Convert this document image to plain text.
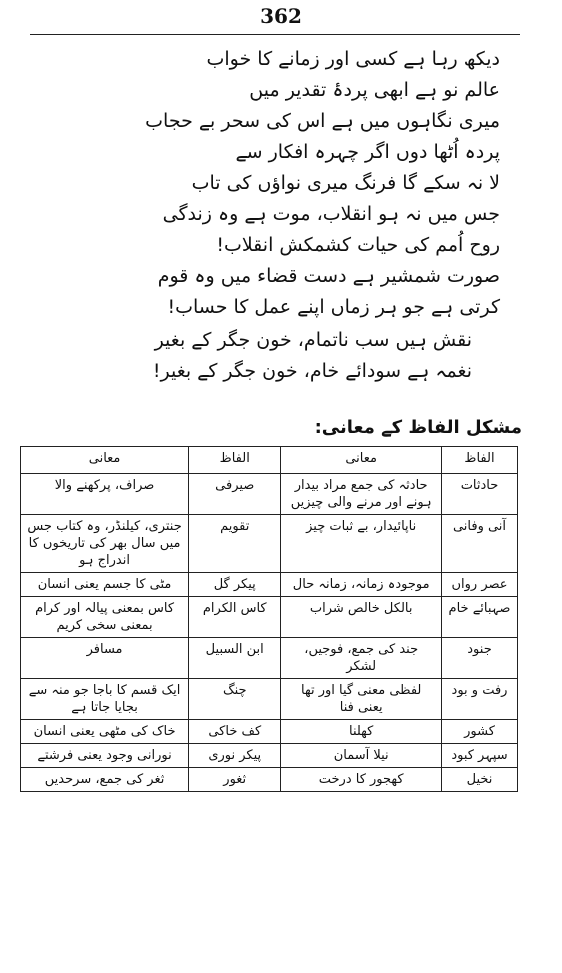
362
دیکھ رہا ہے کسی اور زمانے کا خواب
عالم نو ہے ابھی پردۂ تقدیر میں
میری نگاہوں میں ہے اس کی سحر بے حجاب
پردہ اُٹھا دوں اگر چہرہ افکار سے
لا نہ سکے گا فرنگ میری نواؤں کی تاب
جس میں نہ ہو انقلاب، موت ہے وہ زندگی
روح اُمم کی حیات کشمکش انقلاب!
صورت شمشیر ہے دست قضاء میں وہ قوم
کرتی ہے جو ہر زماں اپنے عمل کا حساب!
نقش ہیں سب ناتمام، خون جگر کے بغیر
نغمہ ہے سودائے خام، خون جگر کے بغیر!
مشکل الفاظ کے معانی:
الفاظ	معانی	الفاظ	معانی
حادثات	حادثہ کی جمع مراد بیدار ہونے اور مرنے والی چیزیں	صیرفی	صراف، پرکھنے والا
آنی وفانی	ناپائیدار، بے ثبات چیز	تقویم	جنتری، کیلنڈر، وہ کتاب جس میں سال بھر کی تاریخوں کا اندراج ہو
عصر رواں	موجودہ زمانہ، زمانہ حال	پیکر گل	مٹی کا جسم یعنی انسان
صہبائے خام	بالکل خالص شراب	کاس الکرام	کاس بمعنی پیالہ اور کرام بمعنی سخی کریم
جنود	جند کی جمع، فوجیں، لشکر	ابن السبیل	مسافر
رفت و بود	لفظی معنی گیا اور تھا یعنی فنا	چنگ	ایک قسم کا باجا جو منہ سے بجایا جاتا ہے
کشور	کھلنا	کف خاکی	خاک کی مٹھی یعنی انسان
سپہر کبود	نیلا آسمان	پیکر نوری	نورانی وجود یعنی فرشتے
نخیل	کھجور کا درخت	ثغور	ثغر کی جمع، سرحدیں
